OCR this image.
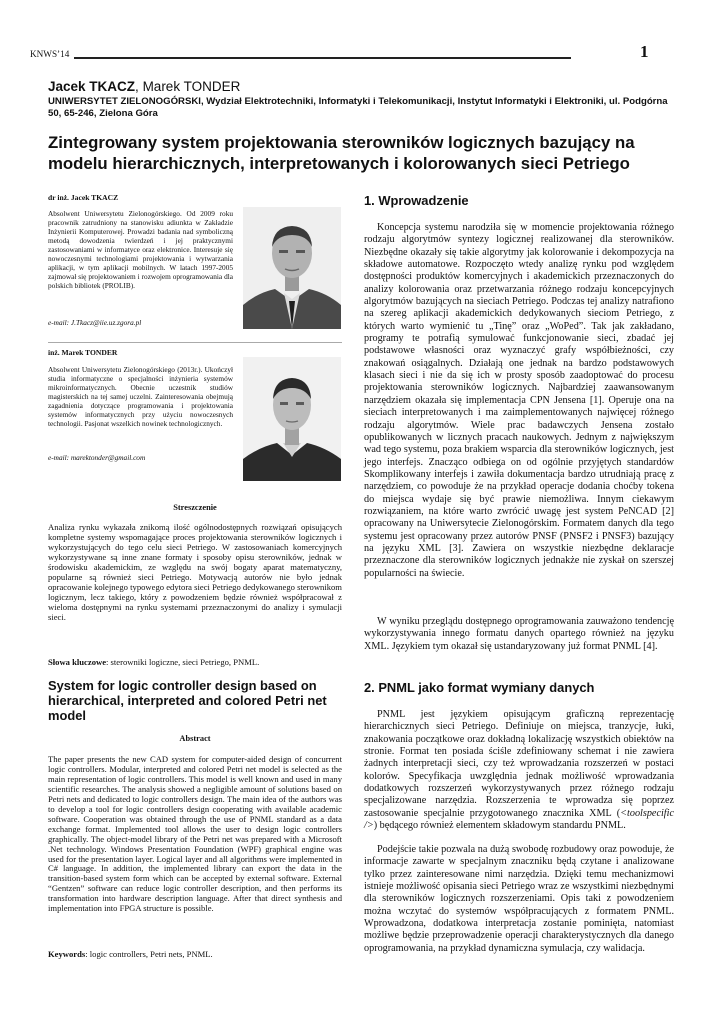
KNWS’14	1
Jacek TKACZ, Marek TONDER
UNIWERSYTET ZIELONOGÓRSKI, Wydział Elektrotechniki, Informatyki i Telekomunikacji, Instytut Informatyki i Elektroniki, ul. Podgórna 50, 65-246, Zielona Góra
Zintegrowany system projektowania sterowników logicznych bazujący na modelu hierarchicznych, interpretowanych i kolorowanych sieci Petriego
dr inż. Jacek TKACZ

Absolwent Uniwersytetu Zielonogórskiego. Od 2009 roku pracownik zatrudniony na stanowisku adiunkta w Zakładzie Inżynierii Komputerowej. Prowadzi badania nad symboliczną metodą dowodzenia twierdzeń i jej praktycznymi zastosowaniami w informatyce oraz elektronice. Interesuje się nowoczesnymi technologiami projektowania i wytwarzania aplikacji, w tym aplikacji mobilnych. W latach 1997-2005 zajmował się projektowaniem i rozwojem oprogramowania dla polskich bibliotek (PROLIB).

e-mail: J.Tkacz@iie.uz.zgora.pl
inż. Marek TONDER

Absolwent Uniwersytetu Zielonogórskiego (2013r.). Ukończył studia informatyczne o specjalności inżynieria systemów mikroinformatycznych. Obecnie uczestnik studiów magisterskich na tej samej uczelni. Zainteresowania obejmują zagadnienia dotyczące programowania i projektowania systemów informatycznych przy użyciu nowoczesnych technologii. Pasjonat wszelkich nowinek technologicznych.

e-mail: marektonder@gmail.com
Streszczenie

Analiza rynku wykazała znikomą ilość ogólnodostępnych rozwiązań opisujących kompletne systemy wspomagające proces projektowania sterowników logicznych i wykorzystujących do tego celu sieci Petriego. W zastosowaniach komercyjnych wykorzystywane są inne znane formaty i sposoby opisu sterowników, jednak w środowisku akademickim, ze względu na swój bogaty aparat matematyczny, popularne są również sieci Petriego. Motywacją autorów nie było jednak opracowanie kolejnego typowego edytora sieci Petriego dedykowanego sterownikom logicznym, lecz takiego, który z powodzeniem będzie również współpracował z wieloma dostępnymi na rynku systemami przeznaczonymi do analizy i symulacji sieci.

Słowa kluczowe: sterowniki logiczne, sieci Petriego, PNML.
System for logic controller design based on hierarchical, interpreted and colored Petri net model
Abstract

The paper presents the new CAD system for computer-aided design of concurrent logic controllers. Modular, interpreted and colored Petri net model is selected as the main representation of logic controllers. This model is well known and used in many scientific researches. The analysis showed a negligible amount of solutions based on Petri nets and dedicated to logic controllers design. The main idea of the authors was to develop a tool for logic controllers design cooperating with available academic software. Cooperation was obtained through the use of PNML standard as a data exchange format. Implemented tool allows the user to design logic controllers graphically. The object-model library of the Petri net was prepared with a Microsoft .Net technology. Windows Presentation Foundation (WPF) graphical engine was used for the presentation layer. Logical layer and all algorithms were implemented in C# language. In addition, the implemented library can export the data in the transition-based system form which can be accepted by external software. External “Gentzen” software can reduce logic controller description, and then performs its transformation into hardware description language. After that direct synthesis and implementation into FPGA structure is possible.

Keywords: logic controllers, Petri nets, PNML.
1. Wprowadzenie

Koncepcja systemu narodziła się w momencie projektowania różnego rodzaju algorytmów syntezy logicznej realizowanej dla sterowników. Niezbędne okazały się takie algorytmy jak kolorowanie i dekompozycja na składowe automatowe. Rozpoczęto wtedy analizę rynku pod względem dostępności produktów komercyjnych i akademickich przeznaczonych do analizy kolorowania oraz przetwarzania różnego rodzaju koncepcyjnych algorytmów bazujących na sieciach Petriego. Podczas tej analizy natrafiono na szereg aplikacji akademickich dedykowanych sieciom Petriego, z których warto wymienić tu „Tinę” oraz „WoPed”. Tak jak zakładano, programy te potrafią symulować funkcjonowanie sieci, zbadać jej podstawowe własności oraz wyznaczyć grafy współbieżności, czy znakowań osiągalnych. Działają one jednak na bardzo podstawowych klasach sieci i nie da się ich w prosty sposób zaadoptować do procesu projektowania sterowników logicznych. Najbardziej zaawansowanym narzędziem okazała się implementacja CPN Jensena [1]. Operuje ona na sieciach interpretowanych i ma zaimplementowanych najwięcej różnego rodzaju algorytmów. Wiele prac badawczych Jensena zostało opublikowanych w licznych pracach naukowych. Jednym z największym wad tego systemu, poza brakiem wsparcia dla sterowników logicznych, jest jego interfejs. Znacząco odbiega on od ogólnie przyjętych standardów Skomplikowany interfejs i zawiła dokumentacja bardzo utrudniają pracę z narzędziem, co powoduje że na przykład operacje dodania choćby tokena do miejsca wydaje się być prawie niemożliwa. Innym ciekawym rozwiązaniem, na które warto zwrócić uwagę jest system PeNCAD [2] opracowany na Uniwersytecie Zielonogórskim. Formatem danych dla tego systemu jest opracowany przez autorów PNSF (PNSF2 i PNSF3) bazujący na języku XML [3]. Zawiera on wszystkie niezbędne deklaracje przeznaczone dla sterowników logicznych jednakże nie zyskał on szerszej popularności na świecie.

W wyniku przeglądu dostępnego oprogramowania zauważono tendencję wykorzystywania innego formatu danych opartego również na języku XML. Językiem tym okazał się ustandaryzowany już format PNML [4].

2. PNML jako format wymiany danych

PNML jest językiem opisującym graficzną reprezentację hierarchicznych sieci Petriego. Definiuje on miejsca, tranzycje, łuki, znakowania początkowe oraz dokładną lokalizację wszystkich obiektów na stronie. Format ten posiada ściśle zdefiniowany schemat i nie zawiera żadnych interpretacji sieci, czy też wprowadzania rozszerzeń w postaci kolorów. Specyfikacja uwzględnia jednak możliwość wprowadzania dodatkowych rozszerzeń wykorzystywanych przez różnego rodzaju specjalizowane narzędzia. Rozszerzenia te wprowadza się poprzez zastosowanie specjalnie przygotowanego znacznika XML (<toolspecific />) będącego również elementem składowym standardu PNML.

Podejście takie pozwala na dużą swobodę rozbudowy oraz powoduje, że informacje zawarte w specjalnym znaczniku będą czytane i analizowane tylko przez zainteresowane nimi narzędzia. Dzięki temu mechanizmowi istnieje możliwość opisania sieci Petriego wraz ze wszystkimi niezbędnymi dla sterowników logicznych rozszerzeniami. Opis taki z powodzeniem można wczytać do systemów współpracujących z formatem PNML. Wprowadzona, dodatkowa interpretacja zostanie pominięta, natomiast możliwe będzie przeprowadzenie operacji charakterystycznych dla danego oprogramowania, na przykład dynamiczna symulacja, czy walidacja.
